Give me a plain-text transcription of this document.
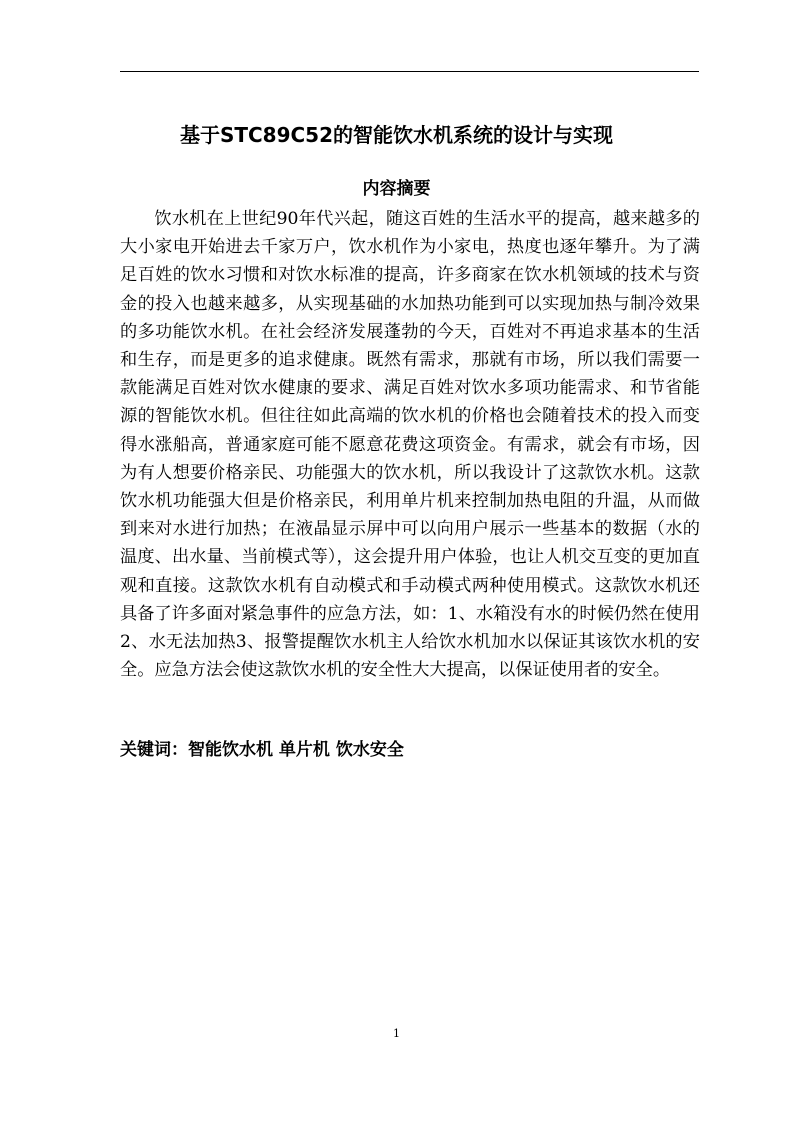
基于STC89C52的智能饮水机系统的设计与实现
内容摘要

饮水机在上世纪90年代兴起，随这百姓的生活水平的提高，越来越多的大小家电开始进去千家万户，饮水机作为小家电，热度也逐年攀升。为了满足百姓的饮水习惯和对饮水标准的提高，许多商家在饮水机领域的技术与资金的投入也越来越多，从实现基础的水加热功能到可以实现加热与制冷效果的多功能饮水机。在社会经济发展蓬勃的今天，百姓对不再追求基本的生活和生存，而是更多的追求健康。既然有需求，那就有市场，所以我们需要一款能满足百姓对饮水健康的要求、满足百姓对饮水多项功能需求、和节省能源的智能饮水机。但往往如此高端的饮水机的价格也会随着技术的投入而变得水涨船高，普通家庭可能不愿意花费这项资金。有需求，就会有市场，因为有人想要价格亲民、功能强大的饮水机，所以我设计了这款饮水机。这款饮水机功能强大但是价格亲民，利用单片机来控制加热电阻的升温，从而做到来对水进行加热；在液晶显示屏中可以向用户展示一些基本的数据（水的温度、出水量、当前模式等），这会提升用户体验，也让人机交互变的更加直观和直接。这款饮水机有自动模式和手动模式两种使用模式。这款饮水机还具备了许多面对紧急事件的应急方法，如：1、水箱没有水的时候仍然在使用2、水无法加热3、报警提醒饮水机主人给饮水机加水以保证其该饮水机的安全。应急方法会使这款饮水机的安全性大大提高，以保证使用者的安全。

关键词：智能饮水机 单片机 饮水安全

1
